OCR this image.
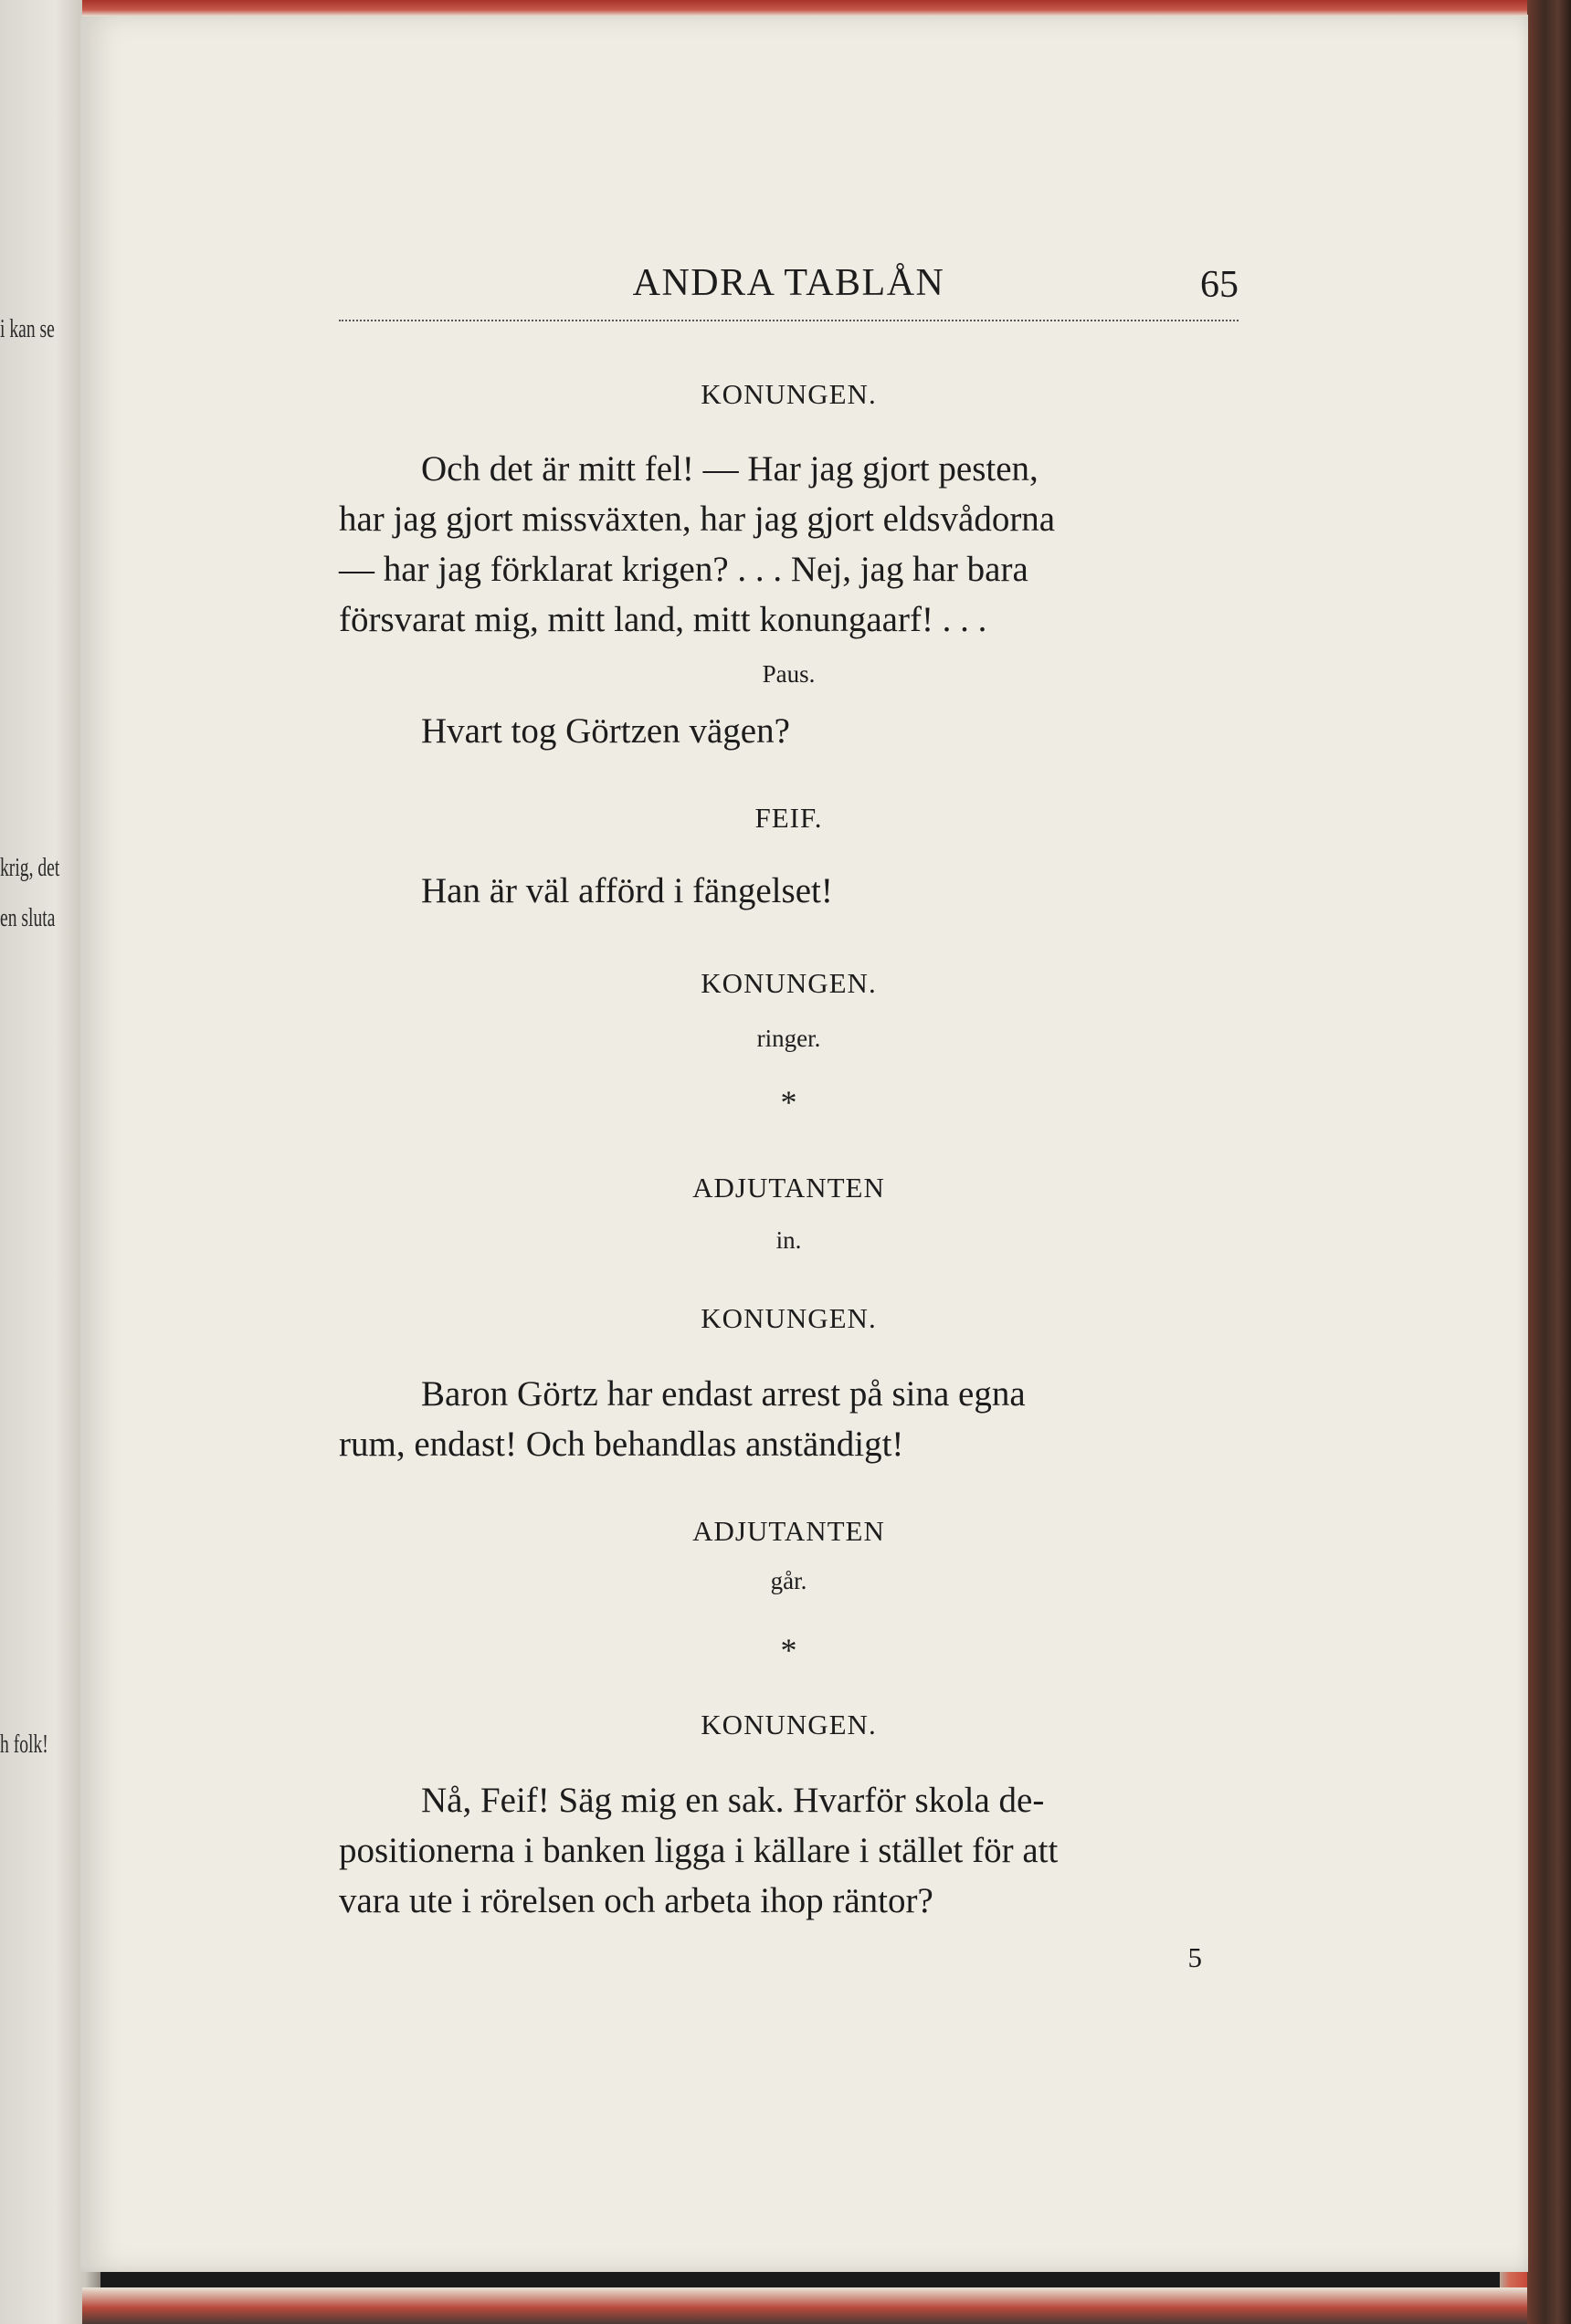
i kan se
krig, det
en sluta
h folk!
ANDRA TABLÅN	65
KONUNGEN.
Och det är mitt fel! — Har jag gjort pesten,
har jag gjort missväxten, har jag gjort eldsvådorna
— har jag förklarat krigen? . . . Nej, jag har bara
försvarat mig, mitt land, mitt konungaarf! . . .
Paus.
Hvart tog Görtzen vägen?
FEIF.
Han är väl afförd i fängelset!
KONUNGEN.
ringer.
*
ADJUTANTEN
in.
KONUNGEN.
Baron Görtz har endast arrest på sina egna
rum, endast! Och behandlas anständigt!
ADJUTANTEN
går.
*
KONUNGEN.
Nå, Feif! Säg mig en sak. Hvarför skola de-
positionerna i banken ligga i källare i stället för att
vara ute i rörelsen och arbeta ihop räntor?
5
